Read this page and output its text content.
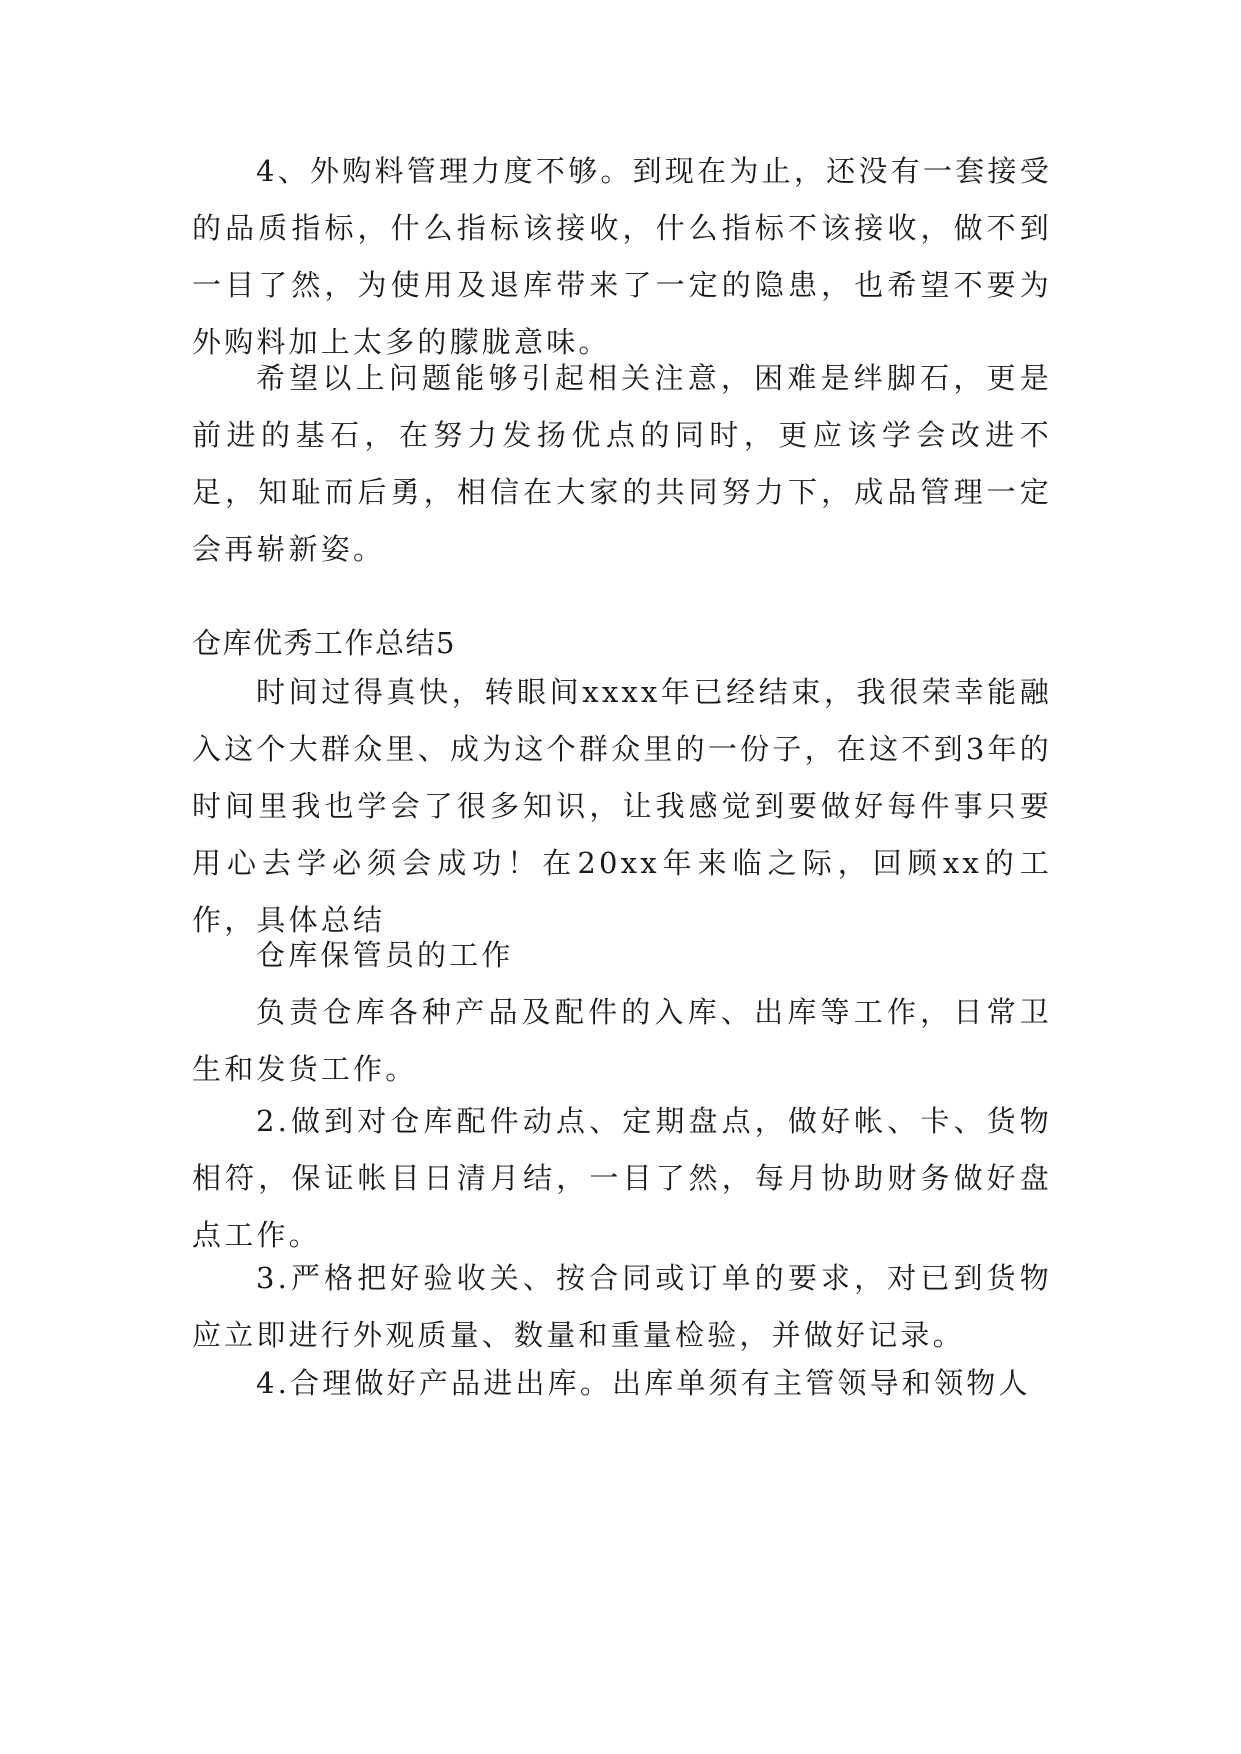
4、外购料管理力度不够。到现在为止，还没有一套接受的品质指标，什么指标该接收，什么指标不该接收，做不到一目了然，为使用及退库带来了一定的隐患，也希望不要为外购料加上太多的朦胧意味。

希望以上问题能够引起相关注意，困难是绊脚石，更是前进的基石，在努力发扬优点的同时，更应该学会改进不足，知耻而后勇，相信在大家的共同努力下，成品管理一定会再崭新姿。

仓库优秀工作总结5

时间过得真快，转眼间xxxx年已经结束，我很荣幸能融入这个大群众里、成为这个群众里的一份子，在这不到3年的时间里我也学会了很多知识，让我感觉到要做好每件事只要用心去学必须会成功！在20xx年来临之际，回顾xx的工作，具体总结

仓库保管员的工作

负责仓库各种产品及配件的入库、出库等工作，日常卫生和发货工作。

2.做到对仓库配件动点、定期盘点，做好帐、卡、货物相符，保证帐目日清月结，一目了然，每月协助财务做好盘点工作。

3.严格把好验收关、按合同或订单的要求，对已到货物应立即进行外观质量、数量和重量检验，并做好记录。

4.合理做好产品进出库。出库单须有主管领导和领物人
